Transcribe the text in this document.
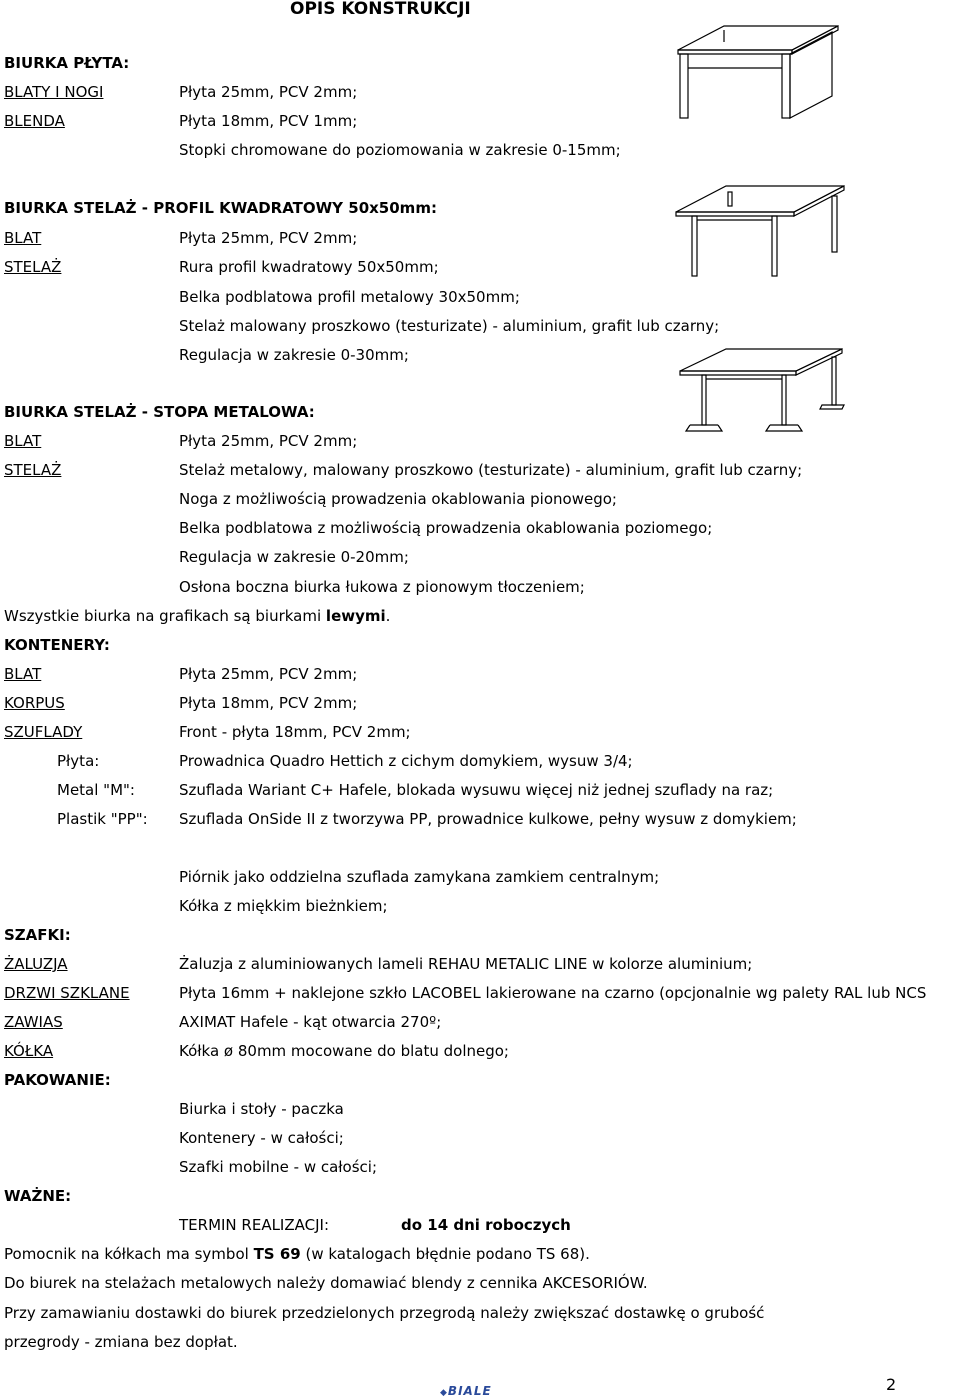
OPIS KONSTRUKCJI
BIURKA PŁYTA:
BLATY I NOGI	Płyta 25mm, PCV 2mm;
BLENDA	Płyta 18mm, PCV 1mm;
Stopki chromowane do poziomowania w zakresie 0-15mm;
BIURKA STELAŻ - PROFIL KWADRATOWY 50x50mm:
BLAT	Płyta 25mm, PCV 2mm;
STELAŻ	Rura profil kwadratowy 50x50mm;
Belka podblatowa profil metalowy 30x50mm;
Stelaż malowany proszkowo (testurizate) - aluminium, grafit lub czarny;
Regulacja w zakresie 0-30mm;
BIURKA STELAŻ - STOPA METALOWA:
BLAT	Płyta 25mm, PCV 2mm;
STELAŻ	Stelaż metalowy, malowany proszkowo (testurizate) - aluminium, grafit lub czarny;
Noga z możliwością prowadzenia okablowania pionowego;
Belka podblatowa z możliwością prowadzenia okablowania poziomego;
Regulacja w zakresie 0-20mm;
Osłona boczna biurka łukowa z pionowym tłoczeniem;
Wszystkie biurka na grafikach są biurkami lewymi.
KONTENERY:
BLAT	Płyta 25mm, PCV 2mm;
KORPUS	Płyta 18mm, PCV 2mm;
SZUFLADY	Front - płyta 18mm, PCV 2mm;
Płyta:	Prowadnica Quadro Hettich z cichym domykiem, wysuw 3/4;
Metal "M":	Szuflada Wariant C+ Hafele, blokada wysuwu więcej niż jednej szuflady na raz;
Plastik "PP": Szuflada OnSide II z tworzywa PP, prowadnice kulkowe, pełny wysuw z domykiem;
Piórnik jako oddzielna szuflada zamykana zamkiem centralnym;
Kółka z miękkim bieżnkiem;
SZAFKI:
ŻALUZJA	Żaluzja z aluminiowanych lameli REHAU METALIC LINE w kolorze aluminium;
DRZWI SZKLANE	Płyta 16mm + naklejone szkło LACOBEL lakierowane na czarno (opcjonalnie wg palety RAL lub NCS
ZAWIAS	AXIMAT Hafele - kąt otwarcia 270º;
KÓŁKA	Kółka ø 80mm mocowane do blatu dolnego;
PAKOWANIE:
Biurka i stoły - paczka
Kontenery - w całości;
Szafki mobilne - w całości;
WAŻNE:
TERMIN REALIZACJI:	do 14 dni roboczych
Pomocnik na kółkach ma symbol TS 69 (w katalogach błędnie podano TS 68).
Do biurek na stelażach metalowych należy domawiać blendy z cennika AKCESORIÓW.
Przy zamawianiu dostawki do biurek przedzielonych przegrodą należy zwiększać dostawkę o grubość
przegrody - zmiana bez dopłat.
◆BIALE	2
